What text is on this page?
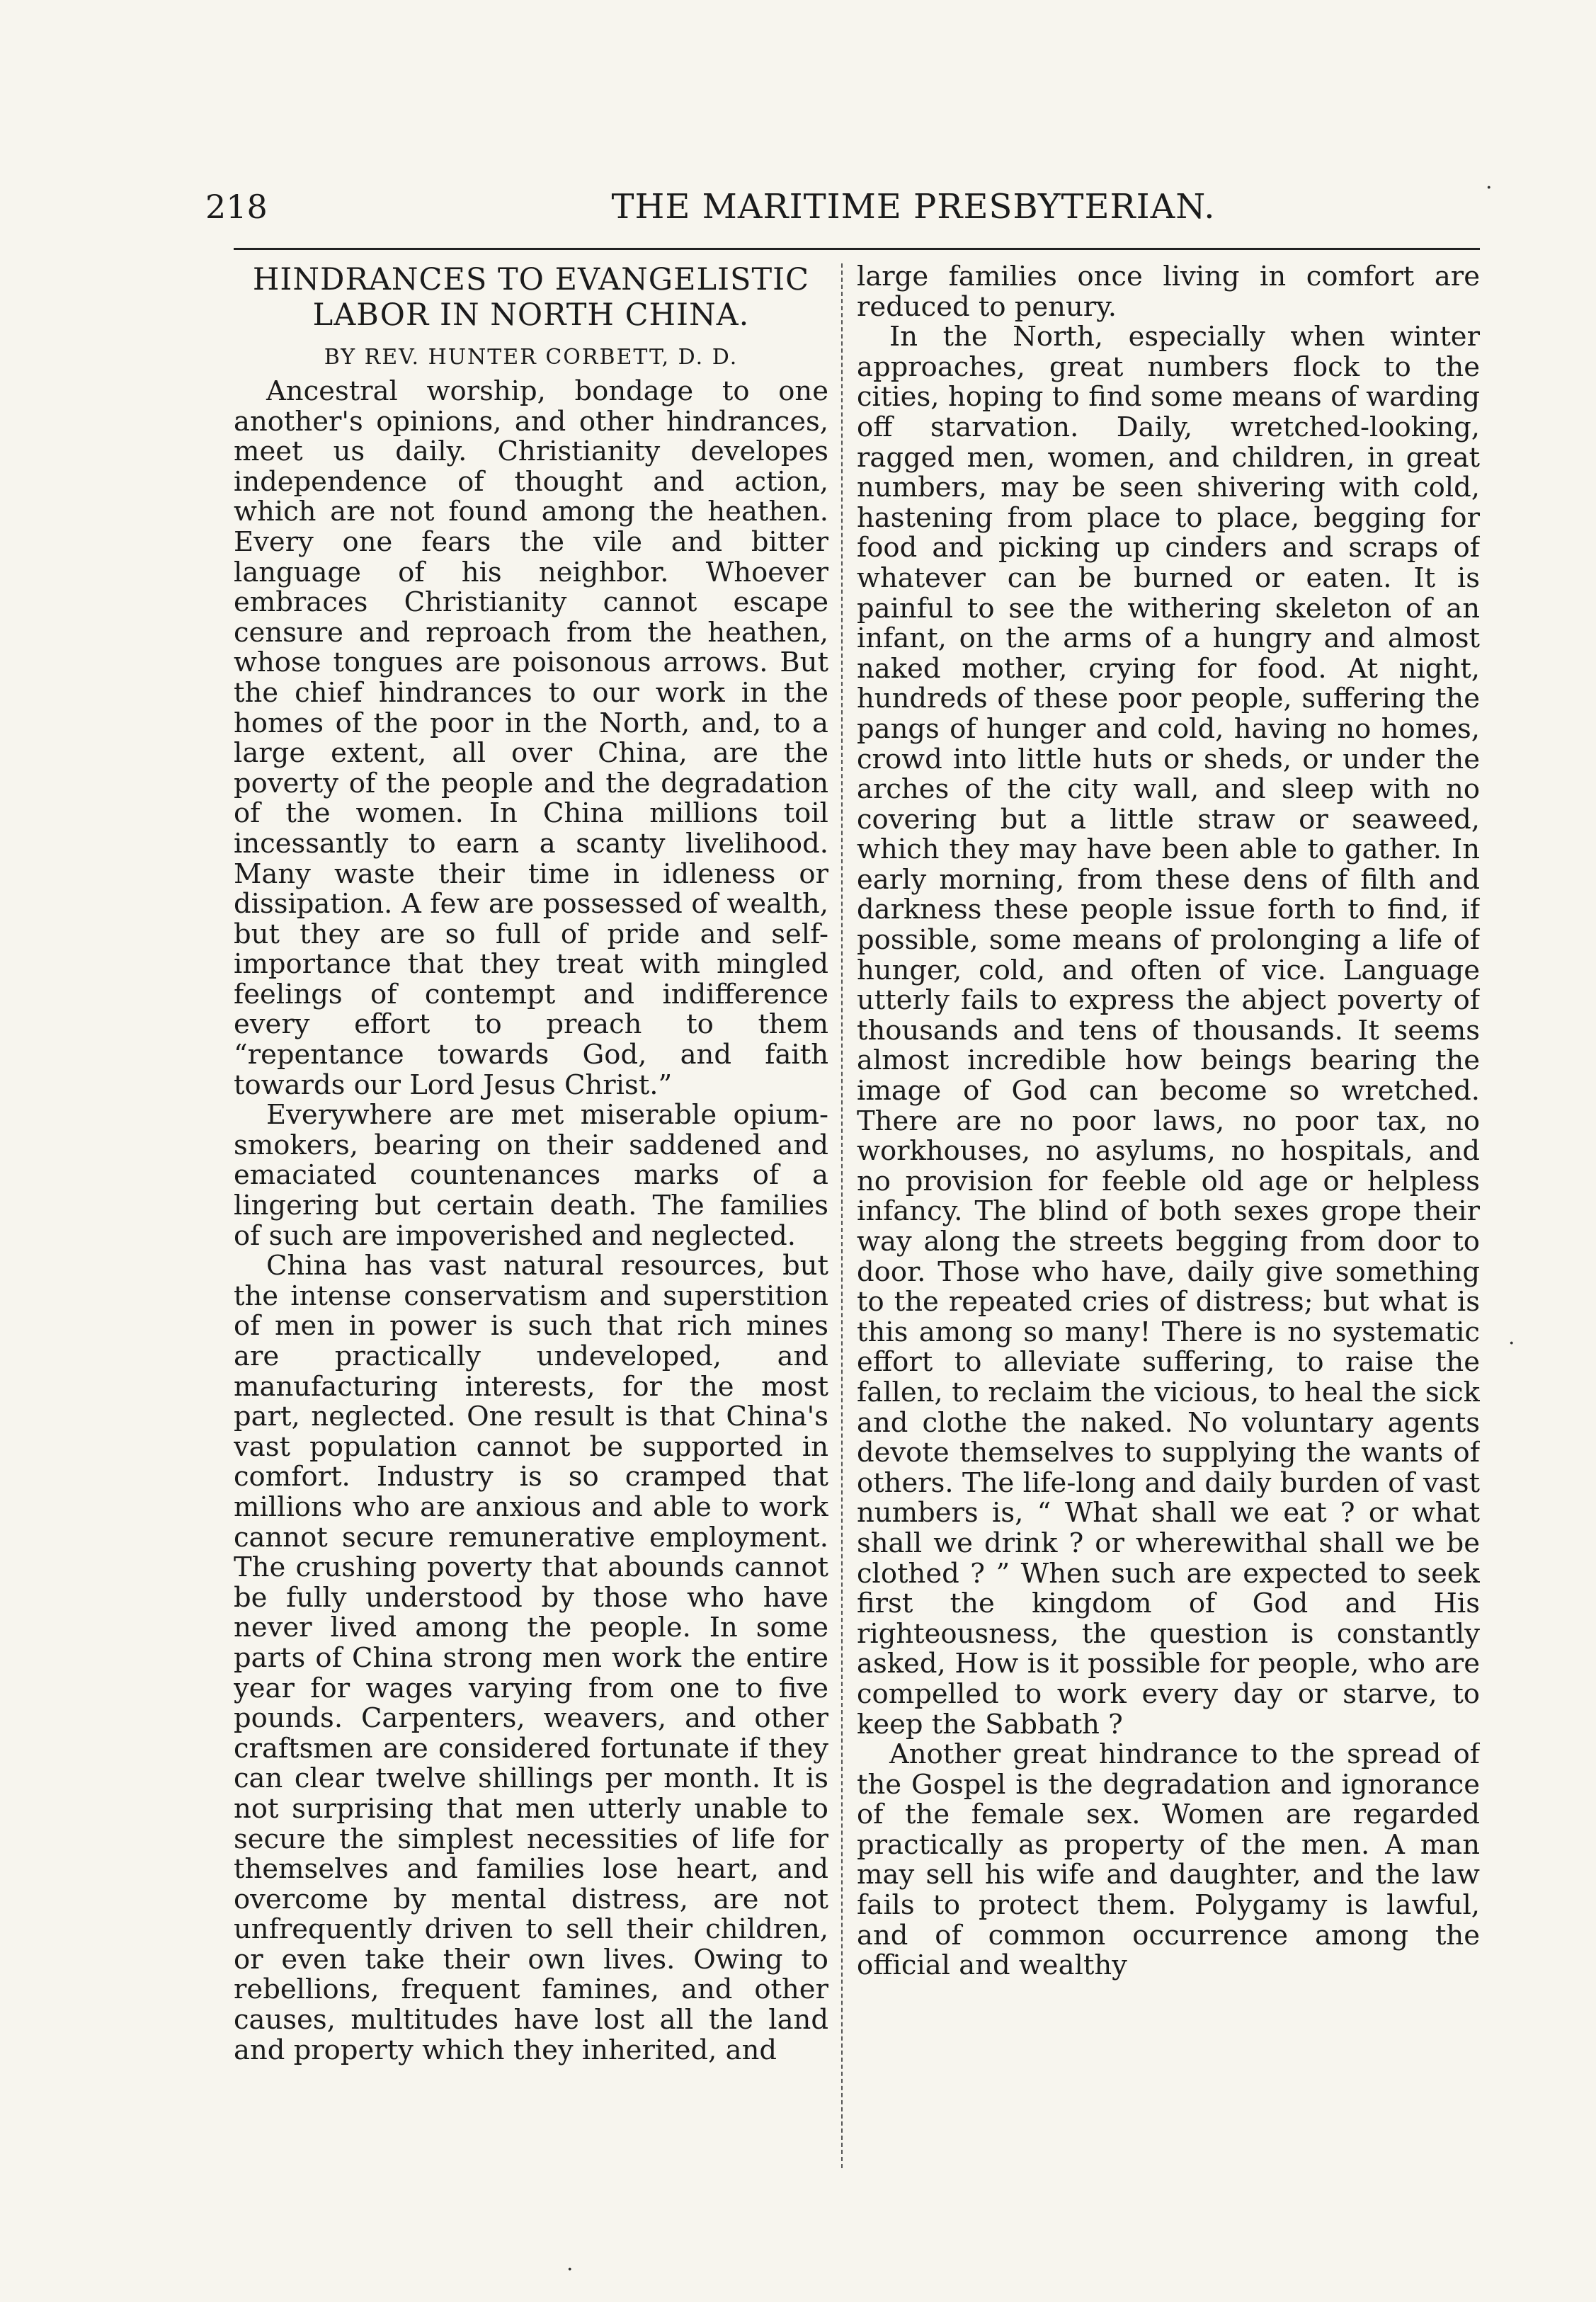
218	THE MARITIME PRESBYTERIAN.
HINDRANCES TO EVANGELISTIC
LABOR IN NORTH CHINA.
BY REV. HUNTER CORBETT, D. D.

Ancestral worship, bondage to one another's opinions, and other hindrances, meet us daily. Christianity developes independence of thought and action, which are not found among the heathen. Every one fears the vile and bitter language of his neighbor. Whoever embraces Christianity cannot escape censure and reproach from the heathen, whose tongues are poisonous arrows. But the chief hindrances to our work in the homes of the poor in the North, and, to a large extent, all over China, are the poverty of the people and the degradation of the women. In China millions toil incessantly to earn a scanty livelihood. Many waste their time in idleness or dissipation. A few are possessed of wealth, but they are so full of pride and self-importance that they treat with mingled feelings of contempt and indifference every effort to preach to them “repentance towards God, and faith towards our Lord Jesus Christ.”

Everywhere are met miserable opium-smokers, bearing on their saddened and emaciated countenances marks of a lingering but certain death. The families of such are impoverished and neglected.

China has vast natural resources, but the intense conservatism and superstition of men in power is such that rich mines are practically undeveloped, and manufacturing interests, for the most part, neglected. One result is that China's vast population cannot be supported in comfort. Industry is so cramped that millions who are anxious and able to work cannot secure remunerative employment. The crushing poverty that abounds cannot be fully understood by those who have never lived among the people. In some parts of China strong men work the entire year for wages varying from one to five pounds. Carpenters, weavers, and other craftsmen are considered fortunate if they can clear twelve shillings per month. It is not surprising that men utterly unable to secure the simplest necessities of life for themselves and families lose heart, and overcome by mental distress, are not unfrequently driven to sell their children, or even take their own lives. Owing to rebellions, frequent famines, and other causes, multitudes have lost all the land and property which they inherited, and

large families once living in comfort are reduced to penury.

In the North, especially when winter approaches, great numbers flock to the cities, hoping to find some means of warding off starvation. Daily, wretched-looking, ragged men, women, and children, in great numbers, may be seen shivering with cold, hastening from place to place, begging for food and picking up cinders and scraps of whatever can be burned or eaten. It is painful to see the withering skeleton of an infant, on the arms of a hungry and almost naked mother, crying for food. At night, hundreds of these poor people, suffering the pangs of hunger and cold, having no homes, crowd into little huts or sheds, or under the arches of the city wall, and sleep with no covering but a little straw or seaweed, which they may have been able to gather. In early morning, from these dens of filth and darkness these people issue forth to find, if possible, some means of prolonging a life of hunger, cold, and often of vice. Language utterly fails to express the abject poverty of thousands and tens of thousands. It seems almost incredible how beings bearing the image of God can become so wretched. There are no poor laws, no poor tax, no workhouses, no asylums, no hospitals, and no provision for feeble old age or helpless infancy. The blind of both sexes grope their way along the streets begging from door to door. Those who have, daily give something to the repeated cries of distress; but what is this among so many! There is no systematic effort to alleviate suffering, to raise the fallen, to reclaim the vicious, to heal the sick and clothe the naked. No voluntary agents devote themselves to supplying the wants of others. The life-long and daily burden of vast numbers is, “ What shall we eat ? or what shall we drink ? or wherewithal shall we be clothed ? ” When such are expected to seek first the kingdom of God and His righteousness, the question is constantly asked, How is it possible for people, who are compelled to work every day or starve, to keep the Sabbath ?

Another great hindrance to the spread of the Gospel is the degradation and ignorance of the female sex. Women are regarded practically as property of the men. A man may sell his wife and daughter, and the law fails to protect them. Polygamy is lawful, and of common occurrence among the official and wealthy

·
·
·
